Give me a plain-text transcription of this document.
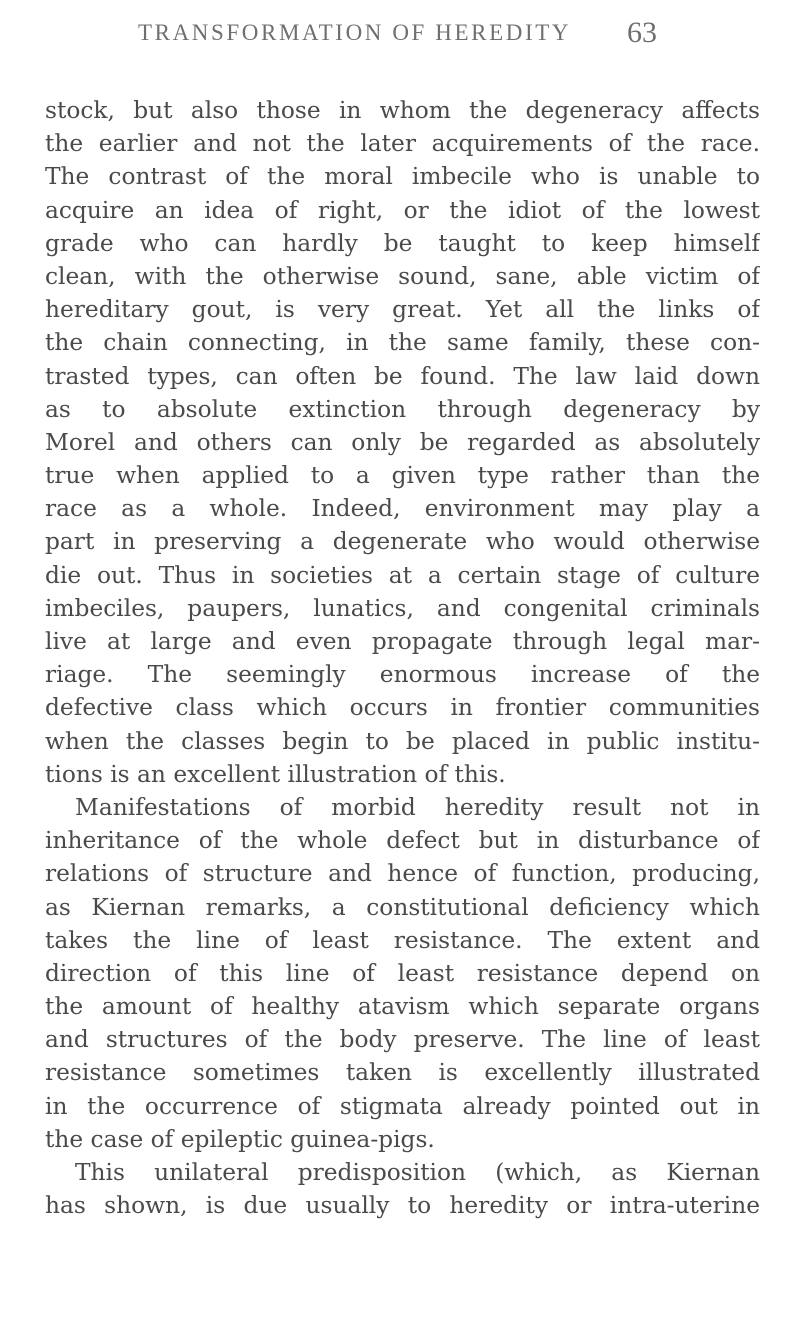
TRANSFORMATION OF HEREDITY 63
stock, but also those in whom the degeneracy affects
the earlier and not the later acquirements of the race.
The contrast of the moral imbecile who is unable to
acquire an idea of right, or the idiot of the lowest
grade who can hardly be taught to keep himself
clean, with the otherwise sound, sane, able victim of
hereditary gout, is very great. Yet all the links of
the chain connecting, in the same family, these con-
trasted types, can often be found. The law laid down
as to absolute extinction through degeneracy by
Morel and others can only be regarded as absolutely
true when applied to a given type rather than the
race as a whole. Indeed, environment may play a
part in preserving a degenerate who would otherwise
die out. Thus in societies at a certain stage of culture
imbeciles, paupers, lunatics, and congenital criminals
live at large and even propagate through legal mar-
riage. The seemingly enormous increase of the
defective class which occurs in frontier communities
when the classes begin to be placed in public institu-
tions is an excellent illustration of this.
Manifestations of morbid heredity result not in
inheritance of the whole defect but in disturbance of
relations of structure and hence of function, producing,
as Kiernan remarks, a constitutional deficiency which
takes the line of least resistance. The extent and
direction of this line of least resistance depend on
the amount of healthy atavism which separate organs
and structures of the body preserve. The line of least
resistance sometimes taken is excellently illustrated
in the occurrence of stigmata already pointed out in
the case of epileptic guinea-pigs.
This unilateral predisposition (which, as Kiernan
has shown, is due usually to heredity or intra-uterine
